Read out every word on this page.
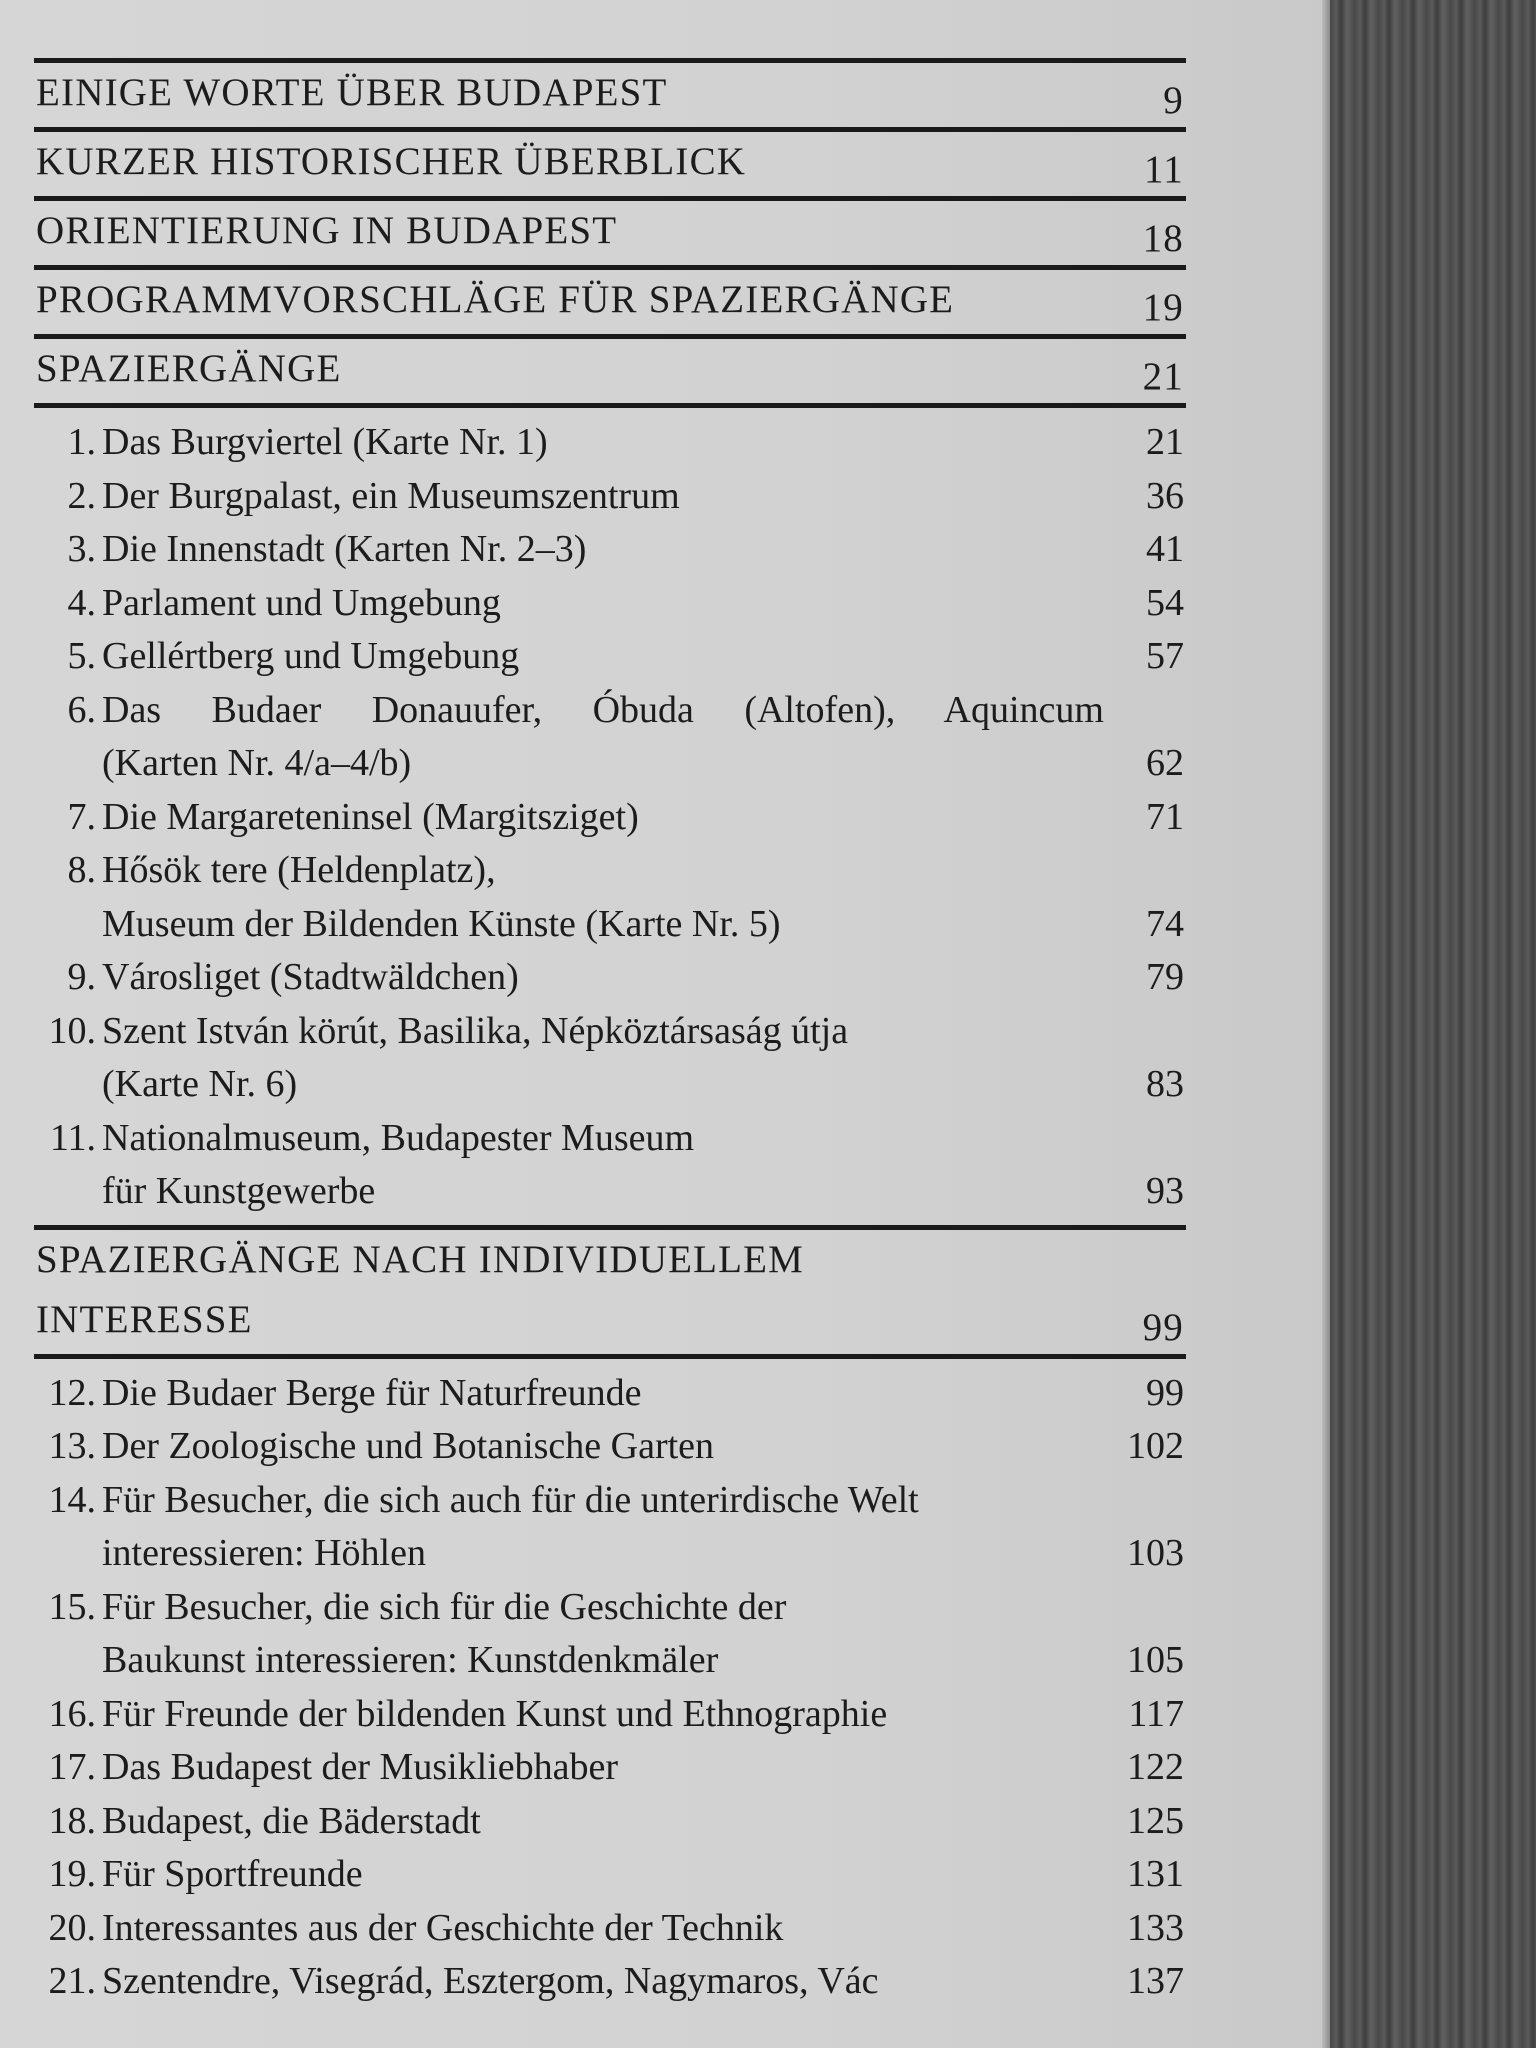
EINIGE WORTE ÜBER BUDAPEST	9
KURZER HISTORISCHER ÜBERBLICK	11
ORIENTIERUNG IN BUDAPEST	18
PROGRAMMVORSCHLÄGE FÜR SPAZIERGÄNGE	19
SPAZIERGÄNGE	21
1. Das Burgviertel (Karte Nr. 1)	21
2. Der Burgpalast, ein Museumszentrum	36
3. Die Innenstadt (Karten Nr. 2–3)	41
4. Parlament und Umgebung	54
5. Gellértberg und Umgebung	57
6. Das Budaer Donauufer, Óbuda (Altofen), Aquincum
(Karten Nr. 4/a–4/b)	62
7. Die Margareteninsel (Margitsziget)	71
8. Hősök tere (Heldenplatz),
Museum der Bildenden Künste (Karte Nr. 5)	74
9. Városliget (Stadtwäldchen)	79
10. Szent István körút, Basilika, Népköztársaság útja
(Karte Nr. 6)	83
11. Nationalmuseum, Budapester Museum
für Kunstgewerbe	93
SPAZIERGÄNGE NACH INDIVIDUELLEM
INTERESSE	99
12. Die Budaer Berge für Naturfreunde	99
13. Der Zoologische und Botanische Garten	102
14. Für Besucher, die sich auch für die unterirdische Welt
interessieren: Höhlen	103
15. Für Besucher, die sich für die Geschichte der
Baukunst interessieren: Kunstdenkmäler	105
16. Für Freunde der bildenden Kunst und Ethnographie	117
17. Das Budapest der Musikliebhaber	122
18. Budapest, die Bäderstadt	125
19. Für Sportfreunde	131
20. Interessantes aus der Geschichte der Technik	133
21. Szentendre, Visegrád, Esztergom, Nagymaros, Vác	137
